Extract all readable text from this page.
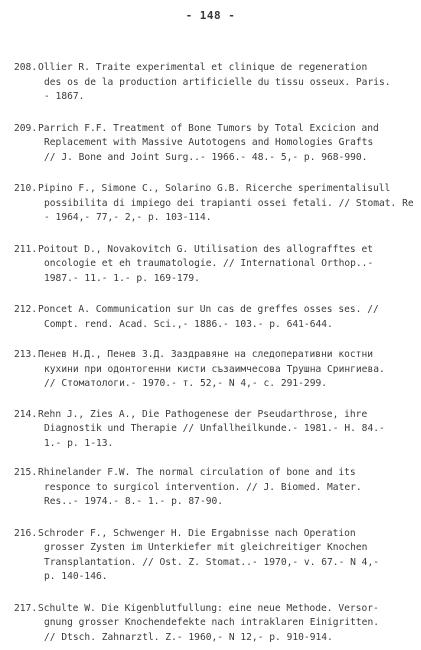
- 148 -
208. Ollier R. Traite experimental et clinique de regeneration
des os de la production artificielle du tissu osseux. Paris.
- 1867.
209. Parrich F.F. Treatment of Bone Tumors by Total Excicion and
Replacement with Massive Autotogens and Homologies Grafts
// J. Bone and Joint Surg..- 1966.- 48.- 5,- p. 968-990.
210. Pipino F., Simone C., Solarino G.B. Ricerche sperimentalisull
possibilita di impiego dei trapianti ossei fetali. // Stomat. Re
- 1964,- 77,- 2,- p. 103-114.
211. Poitout D., Novakovitch G. Utilisation des allografftes et
oncologie et eh traumatologie. // International Orthop..-
1987.- 11.- 1.- p. 169-179.
212. Poncet A. Communication sur Un cas de greffes osses ses. //
Compt. rend. Acad. Sci.,- 1886.- 103.- p. 641-644.
213. Пенев Н.Д., Пенев З.Д. Заздравяне на следоперативни костни
кухини при одонтогенни кисти съзаимчесова Трушна Срингиева.
// Стоматологи.- 1970.- т. 52,- N 4,- с. 291-299.
214. Rehn J., Zies A., Die Pathogenese der Pseudarthrose, ihre
Diagnostik und Therapie // Unfallheilkunde.- 1981.- H. 84.-
1.- p. 1-13.
215. Rhinelander F.W. The normal circulation of bone and its
responce to surgicol intervention. // J. Biomed. Mater.
Res..- 1974.- 8.- 1.- p. 87-90.
216. Schroder F., Schwenger H. Die Ergabnisse nach Operation
grosser Zysten im Unterkiefer mit gleichreitiger Knochen
Transplantation. // Ost. Z. Stomat..- 1970,- v. 67.- N 4,-
p. 140-146.
217. Schulte W. Die Kigenblutfullung: eine neue Methode. Versor-
gnung grosser Knochendefekte nach intraklaren Einigritten.
// Dtsch. Zahnarztl. Z.- 1960,- N 12,- p. 910-914.
